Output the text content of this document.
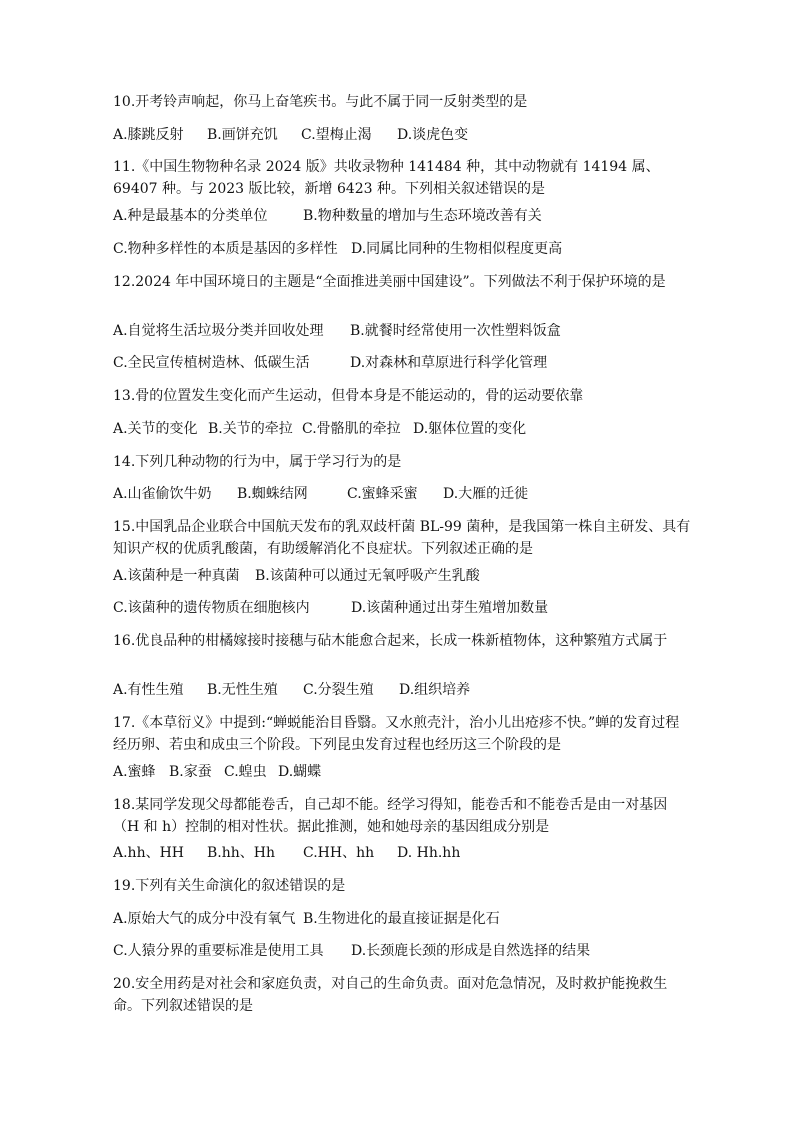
10.开考铃声响起，你马上奋笔疾书。与此不属于同一反射类型的是
A.膝跳反射 B.画饼充饥 C.望梅止渴 D.谈虎色变
11.《中国生物物种名录 2024 版》共收录物种 141484 种，其中动物就有 14194 属、69407 种。与 2023 版比较，新增 6423 种。下列相关叙述错误的是
A.种是最基本的分类单位	B.物种数量的增加与生态环境改善有关
C.物种多样性的本质是基因的多样性 D.同属比同种的生物相似程度更高
12.2024 年中国环境日的主题是“全面推进美丽中国建设”。下列做法不利于保护环境的是
A.自觉将生活垃圾分类并回收处理 B.就餐时经常使用一次性塑料饭盒
C.全民宣传植树造林、低碳生活	D.对森林和草原进行科学化管理
13.骨的位置发生变化而产生运动，但骨本身是不能运动的，骨的运动要依靠
A.关节的变化 B.关节的牵拉 C.骨骼肌的牵拉 D.躯体位置的变化
14.下列几种动物的行为中，属于学习行为的是
A.山雀偷饮牛奶 B.蜘蛛结网	C.蜜蜂采蜜 D.大雁的迁徙
15.中国乳品企业联合中国航天发布的乳双歧杆菌 BL-99 菌种，是我国第一株自主研发、具有知识产权的优质乳酸菌，有助缓解消化不良症状。下列叙述正确的是
A.该菌种是一种真菌 B.该菌种可以通过无氧呼吸产生乳酸
C.该菌种的遗传物质在细胞核内	D.该菌种通过出芽生殖增加数量
16.优良品种的柑橘嫁接时接穗与砧木能愈合起来，长成一株新植物体，这种繁殖方式属于
A.有性生殖 B.无性生殖 C.分裂生殖 D.组织培养
17.《本草衍义》中提到:“蝉蜕能治目昏翳。又水煎壳汁，治小儿出疮疹不快。”蝉的发育过程经历卵、若虫和成虫三个阶段。下列昆虫发育过程也经历这三个阶段的是
A.蜜蜂 B.家蚕 C.蝗虫 D.蝴蝶
18.某同学发现父母都能卷舌，自己却不能。经学习得知，能卷舌和不能卷舌是由一对基因（H 和 h）控制的相对性状。据此推测，她和她母亲的基因组成分别是
A.hh、HH B.hh、Hh C.HH、hh D. Hh.hh
19.下列有关生命演化的叙述错误的是
A.原始大气的成分中没有氧气 B.生物进化的最直接证据是化石
C.人猿分界的重要标准是使用工具 D.长颈鹿长颈的形成是自然选择的结果
20.安全用药是对社会和家庭负责，对自己的生命负责。面对危急情况，及时救护能挽救生命。下列叙述错误的是
